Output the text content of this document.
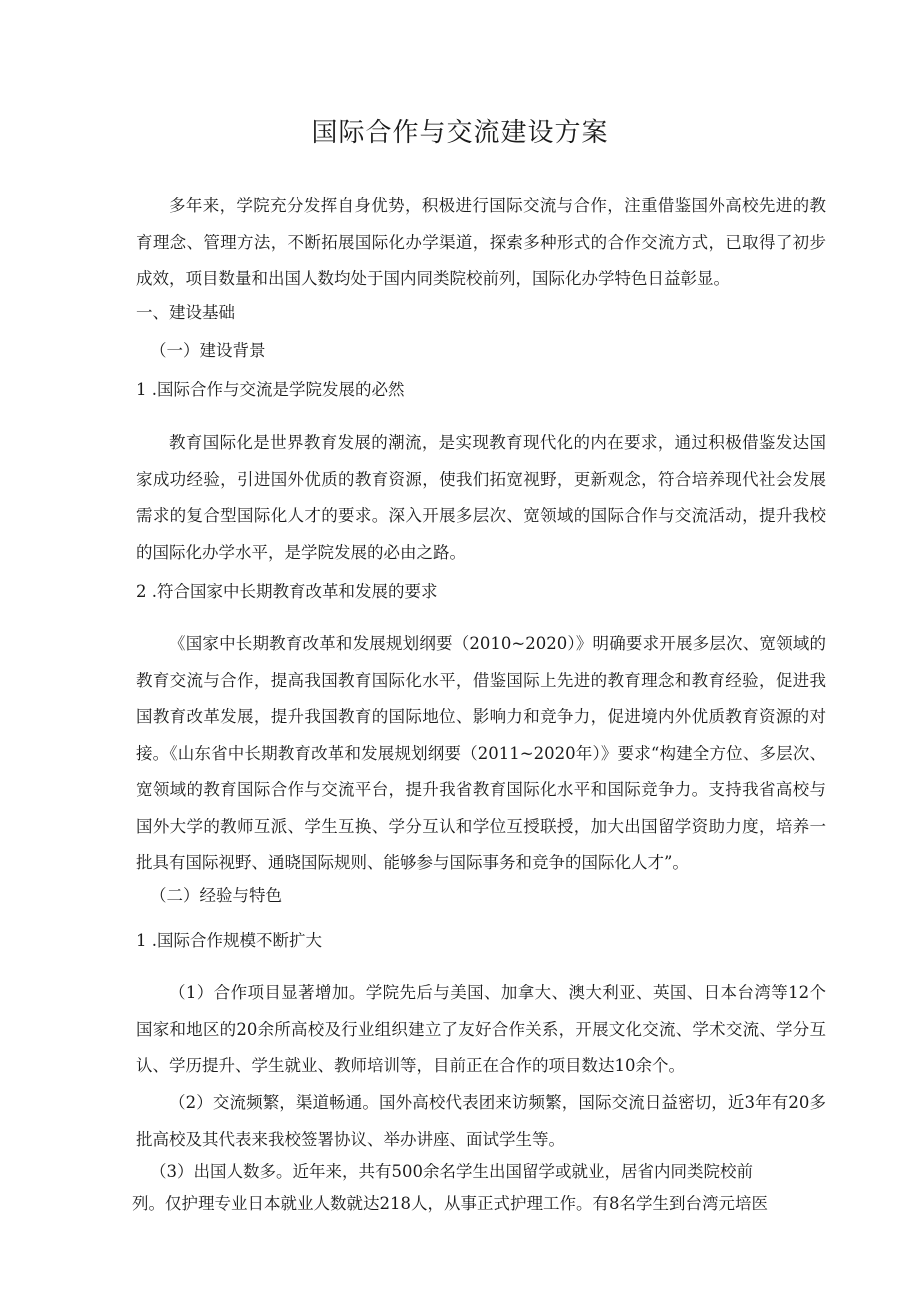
国际合作与交流建设方案

多年来，学院充分发挥自身优势，积极进行国际交流与合作，注重借鉴国外高校先进的教育理念、管理方法，不断拓展国际化办学渠道，探索多种形式的合作交流方式，已取得了初步成效，项目数量和出国人数均处于国内同类院校前列，国际化办学特色日益彰显。

一、建设基础

（一）建设背景

1 .国际合作与交流是学院发展的必然

教育国际化是世界教育发展的潮流，是实现教育现代化的内在要求，通过积极借鉴发达国家成功经验，引进国外优质的教育资源，使我们拓宽视野，更新观念，符合培养现代社会发展需求的复合型国际化人才的要求。深入开展多层次、宽领域的国际合作与交流活动，提升我校的国际化办学水平，是学院发展的必由之路。

2 .符合国家中长期教育改革和发展的要求

《国家中长期教育改革和发展规划纲要（2010~2020）》明确要求开展多层次、宽领域的教育交流与合作，提高我国教育国际化水平，借鉴国际上先进的教育理念和教育经验，促进我国教育改革发展，提升我国教育的国际地位、影响力和竞争力，促进境内外优质教育资源的对接。《山东省中长期教育改革和发展规划纲要（2011~2020年）》要求“构建全方位、多层次、宽领域的教育国际合作与交流平台，提升我省教育国际化水平和国际竞争力。支持我省高校与国外大学的教师互派、学生互换、学分互认和学位互授联授，加大出国留学资助力度，培养一批具有国际视野、通晓国际规则、能够参与国际事务和竞争的国际化人才”。

（二）经验与特色

1 .国际合作规模不断扩大

（1）合作项目显著增加。学院先后与美国、加拿大、澳大利亚、英国、日本台湾等12个国家和地区的20余所高校及行业组织建立了友好合作关系，开展文化交流、学术交流、学分互认、学历提升、学生就业、教师培训等，目前正在合作的项目数达10余个。

（2）交流频繁，渠道畅通。国外高校代表团来访频繁，国际交流日益密切，近3年有20多批高校及其代表来我校签署协议、举办讲座、面试学生等。

（3）出国人数多。近年来，共有500余名学生出国留学或就业，居省内同类院校前

列。仅护理专业日本就业人数就达218人，从事正式护理工作。有8名学生到台湾元培医
